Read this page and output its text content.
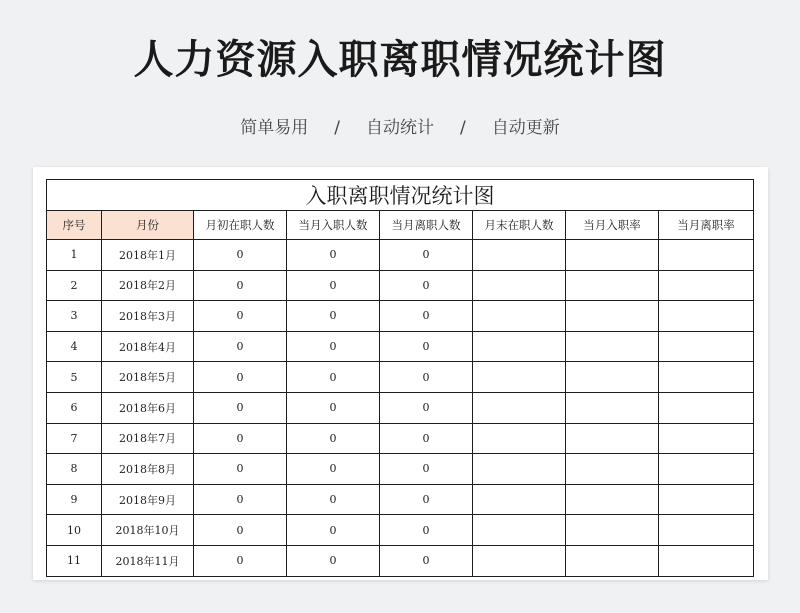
人力资源入职离职情况统计图
简单易用 / 自动统计 / 自动更新
入职离职情况统计图							
序号	月份	月初在职人数	当月入职人数	当月离职人数	月末在职人数	当月入职率	当月离职率
1	2018年1月	0	0	0			
2	2018年2月	0	0	0			
3	2018年3月	0	0	0			
4	2018年4月	0	0	0			
5	2018年5月	0	0	0			
6	2018年6月	0	0	0			
7	2018年7月	0	0	0			
8	2018年8月	0	0	0			
9	2018年9月	0	0	0			
10	2018年10月	0	0	0			
11	2018年11月	0	0	0			
